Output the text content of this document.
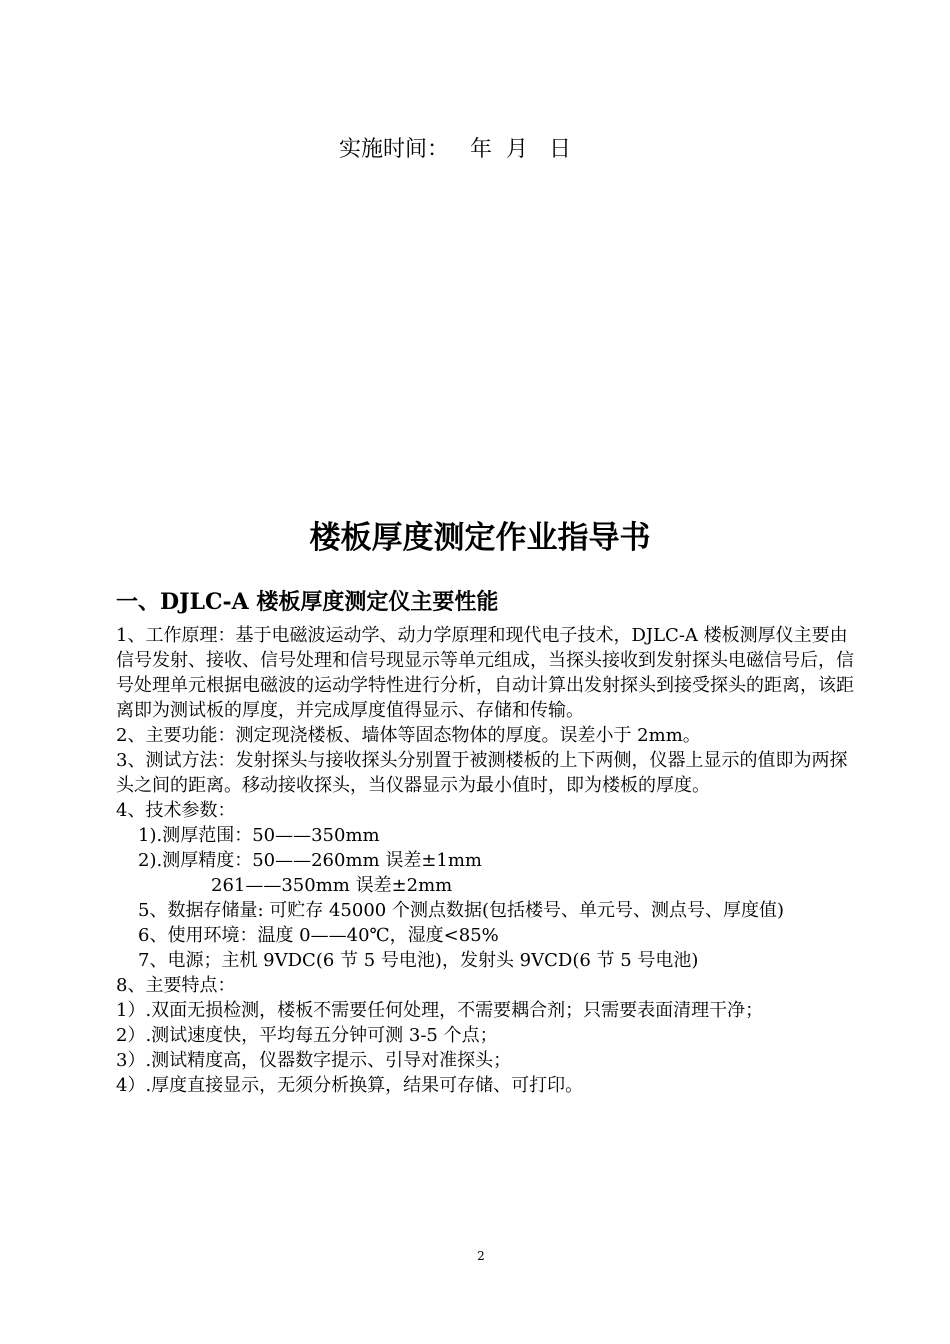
实施时间：   年  月   日
楼板厚度测定作业指导书
一、DJLC-A 楼板厚度测定仪主要性能

1、工作原理：基于电磁波运动学、动力学原理和现代电子技术，DJLC-A 楼板测厚仪主要由信号发射、接收、信号处理和信号现显示等单元组成，当探头接收到发射探头电磁信号后，信号处理单元根据电磁波的运动学特性进行分析，自动计算出发射探头到接受探头的距离，该距离即为测试板的厚度，并完成厚度值得显示、存储和传输。

2、主要功能：测定现浇楼板、墙体等固态物体的厚度。误差小于 2mm。

3、测试方法：发射探头与接收探头分别置于被测楼板的上下两侧，仪器上显示的值即为两探头之间的距离。移动接收探头，当仪器显示为最小值时，即为楼板的厚度。

4、技术参数：

1).测厚范围：50——350mm

2).测厚精度：50——260mm 误差±1mm

261——350mm 误差±2mm

5、数据存储量: 可贮存 45000 个测点数据(包括楼号、单元号、测点号、厚度值)

6、使用环境：温度 0——40℃，湿度<85%

7、电源；主机 9VDC(6 节 5 号电池)，发射头 9VCD(6 节 5 号电池)

8、主要特点：

1）.双面无损检测，楼板不需要任何处理，不需要耦合剂；只需要表面清理干净；

2）.测试速度快，平均每五分钟可测 3-5 个点；

3）.测试精度高，仪器数字提示、引导对准探头；

4）.厚度直接显示，无须分析换算，结果可存储、可打印。

2
